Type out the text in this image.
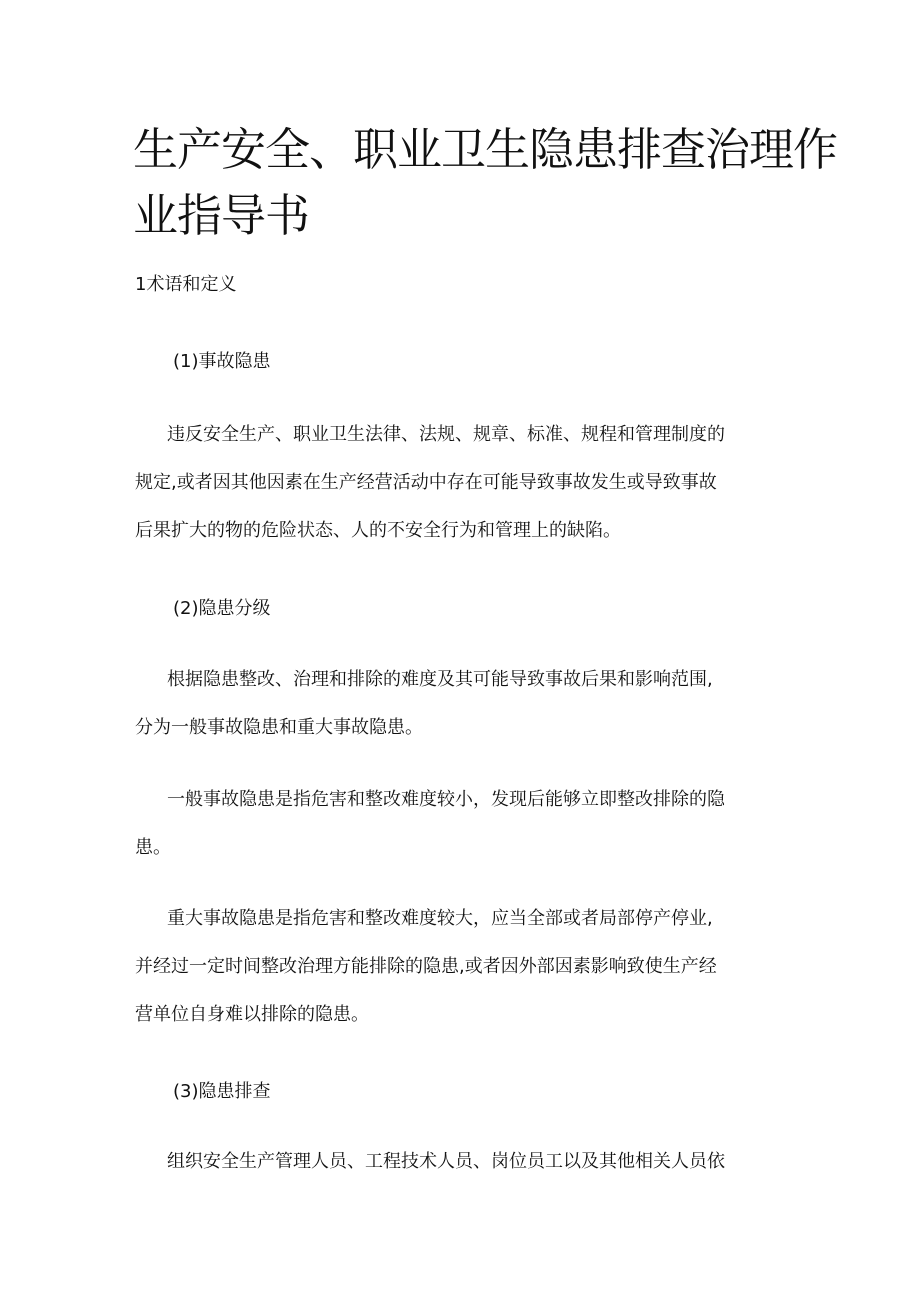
生产安全、职业卫生隐患排查治理作
业指导书
1术语和定义
(1)事故隐患
违反安全生产、职业卫生法律、法规、规章、标准、规程和管理制度的
规定,或者因其他因素在生产经营活动中存在可能导致事故发生或导致事故
后果扩大的物的危险状态、人的不安全行为和管理上的缺陷。
(2)隐患分级
根据隐患整改、治理和排除的难度及其可能导致事故后果和影响范围,
分为一般事故隐患和重大事故隐患。
一般事故隐患是指危害和整改难度较小，发现后能够立即整改排除的隐
患。
重大事故隐患是指危害和整改难度较大，应当全部或者局部停产停业,
并经过一定时间整改治理方能排除的隐患,或者因外部因素影响致使生产经
营单位自身难以排除的隐患。
(3)隐患排查
组织安全生产管理人员、工程技术人员、岗位员工以及其他相关人员依
